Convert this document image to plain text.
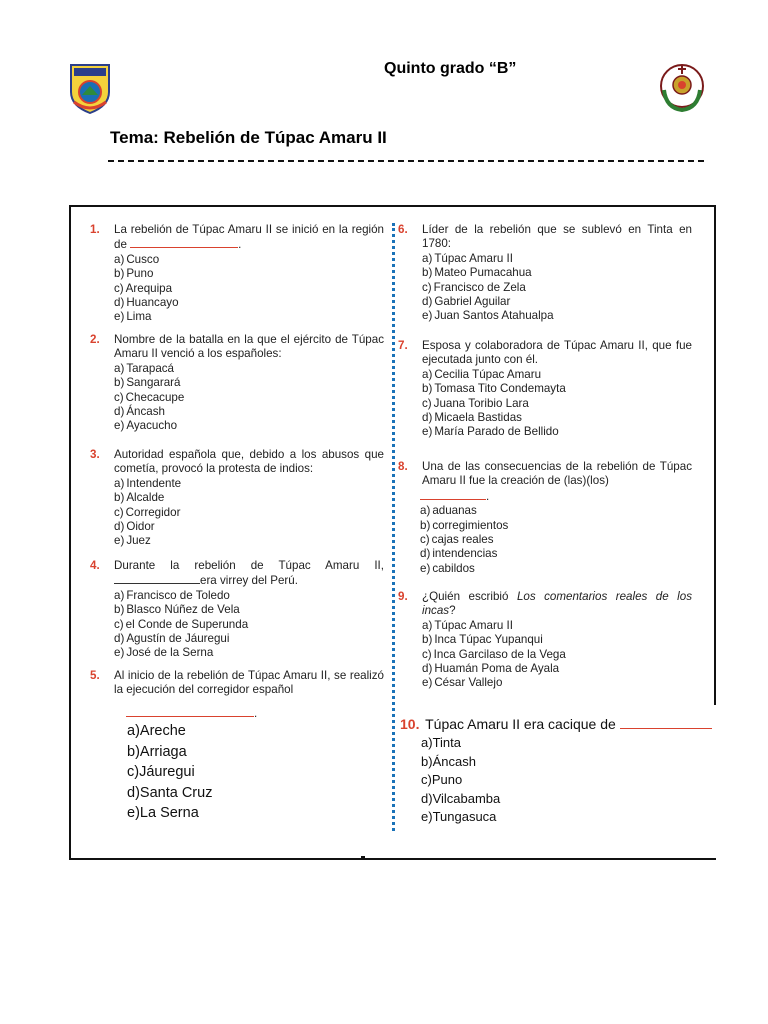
Quinto grado “B”
Tema: Rebelión de Túpac Amaru II
1.	La rebelión de Túpac Amaru II se inició en la región de	.
a) Cusco
b) Puno
c) Arequipa
d) Huancayo
e) Lima
2.	Nombre de la batalla en la que el ejército de Túpac Amaru II venció a los españoles:
a) Tarapacá
b) Sangarará
c) Checacupe
d) Áncash
e) Ayacucho
3.	Autoridad española que, debido a los abusos que cometía, provocó la protesta de indios:
a) Intendente
b) Alcalde
c) Corregidor
d) Oidor
e) Juez
4.	Durante la rebelión de Túpac Amaru II, era virrey del Perú.
a) Francisco de Toledo
b) Blasco Núñez de Vela
c) el Conde de Superunda
d) Agustín de Jáuregui
e) José de la Serna
5.	Al inicio de la rebelión de Túpac Amaru II, se realizó la ejecución del corregidor español
.
a)Areche
b)Arriaga
c)Jáuregui
d)Santa Cruz
e)La Serna
6.	Líder de la rebelión que se sublevó en Tinta en 1780:
a) Túpac Amaru II
b) Mateo Pumacahua
c) Francisco de Zela
d) Gabriel Aguilar
e) Juan Santos Atahualpa
7.	Esposa y colaboradora de Túpac Amaru II, que fue ejecutada junto con él.
a) Cecilia Túpac Amaru
b) Tomasa Tito Condemayta
c) Juana Toribio Lara
d) Micaela Bastidas
e) María Parado de Bellido
8.	Una de las consecuencias de la rebelión de Túpac Amaru II fue la creación de (las)(los)
.
a) aduanas
b) corregimientos
c) cajas reales
d) intendencias
e) cabildos
9.	¿Quién escribió Los comentarios reales de los incas?
a) Túpac Amaru II
b) Inca Túpac Yupanqui
c) Inca Garcilaso de la Vega
d) Huamán Poma de Ayala
e) César Vallejo
10. Túpac Amaru II era cacique de
a)Tinta
b)Áncash
c)Puno
d)Vilcabamba
e)Tungasuca
